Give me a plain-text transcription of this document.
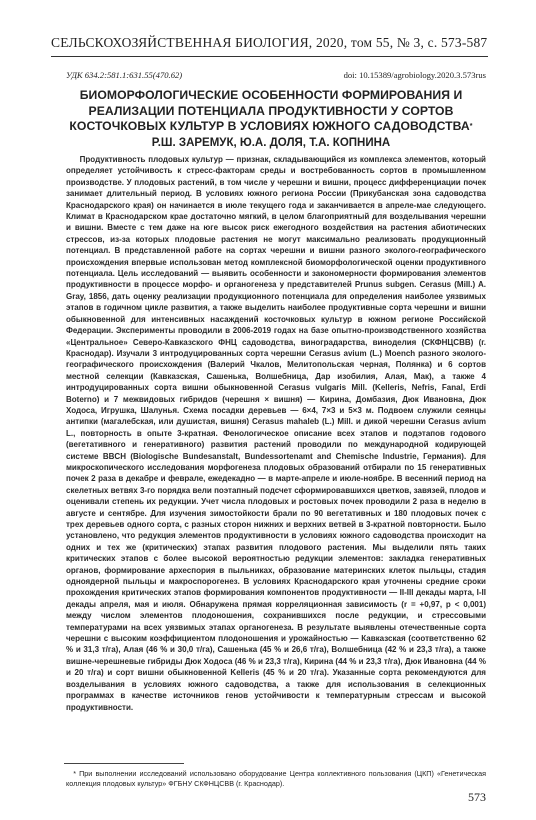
СЕЛЬСКОХОЗЯЙСТВЕННАЯ БИОЛОГИЯ, 2020, том 55, № 3, с. 573-587
УДК 634.2:581.1:631.55(470.62)	doi: 10.15389/agrobiology.2020.3.573rus
БИОМОРФОЛОГИЧЕСКИЕ ОСОБЕННОСТИ ФОРМИРОВАНИЯ И РЕАЛИЗАЦИИ ПОТЕНЦИАЛА ПРОДУКТИВНОСТИ У СОРТОВ КОСТОЧКОВЫХ КУЛЬТУР В УСЛОВИЯХ ЮЖНОГО САДОВОДСТВА*
Р.Ш. ЗАРЕМУК, Ю.А. ДОЛЯ, Т.А. КОПНИНА

Продуктивность плодовых культур — признак, складывающийся из комплекса элементов, который определяет устойчивость к стресс-факторам среды и востребованность сортов в промышленном производстве. У плодовых растений, в том числе у черешни и вишни, процесс дифференциации почек занимает длительный период. В условиях южного региона России (Прикубанская зона садоводства Краснодарского края) он начинается в июле текущего года и заканчивается в апреле-мае следующего. Климат в Краснодарском крае достаточно мягкий, в целом благоприятный для возделывания черешни и вишни. Вместе с тем даже на юге высок риск ежегодного воздействия на растения абиотических стрессов, из-за которых плодовые растения не могут максимально реализовать продукционный потенциал. В представленной работе на сортах черешни и вишни разного эколого-географического происхождения впервые использован метод комплексной биоморфологической оценки продуктивного потенциала. Цель исследований — выявить особенности и закономерности формирования элементов продуктивности в процессе морфо- и органогенеза у представителей Prunus subgen. Cerasus (Mill.) A. Gray, 1856, дать оценку реализации продукционного потенциала для определения наиболее уязвимых этапов в годичном цикле развития, а также выделить наиболее продуктивные сорта черешни и вишни обыкновенной для интенсивных насаждений косточковых культур в южном регионе Российской Федерации. Эксперименты проводили в 2006-2019 годах на базе опытно-производственного хозяйства «Центральное» Северо-Кавказского ФНЦ садоводства, виноградарства, виноделия (СКФНЦСВВ) (г. Краснодар). Изучали 3 интродуцированных сорта черешни Cerasus avium (L.) Moench разного эколого-географического происхождения (Валерий Чкалов, Мелитопольская черная, Полянка) и 6 сортов местной селекции (Кавказская, Сашенька, Волшебница, Дар изобилия, Алая, Мак), а также 4 интродуцированных сорта вишни обыкновенной Cerasus vulgaris Mill. (Kelleris, Nefris, Fanal, Erdi Boterno) и 7 межвидовых гибридов (черешня × вишня) — Кирина, Домбазия, Дюк Ивановна, Дюк Ходоса, Игрушка, Шалунья. Схема посадки деревьев — 6×4, 7×3 и 5×3 м. Подвоем служили сеянцы антипки (магалебская, или душистая, вишня) Cerasus mahaleb (L.) Mill. и дикой черешни Cerasus avium L., повторность в опыте 3-кратная. Фенологическое описание всех этапов и подэтапов годового (вегетативного и генеративного) развития растений проводили по международной кодирующей системе BBCH (Biologische Bundesanstalt, Bundessortenamt and Chemische Industrie, Германия). Для микроскопического исследования морфогенеза плодовых образований отбирали по 15 генеративных почек 2 раза в декабре и феврале, ежедекадно — в марте-апреле и июле-ноябре. В весенний период на скелетных ветвях 3-го порядка вели поэтапный подсчет сформировавшихся цветков, завязей, плодов и оценивали степень их редукции. Учет числа плодовых и ростовых почек проводили 2 раза в неделю в августе и сентябре. Для изучения зимостойкости брали по 90 вегетативных и 180 плодовых почек с трех деревьев одного сорта, с разных сторон нижних и верхних ветвей в 3-кратной повторности. Было установлено, что редукция элементов продуктивности в условиях южного садоводства происходит на одних и тех же (критических) этапах развития плодового растения. Мы выделили пять таких критических этапов с более высокой вероятностью редукции элементов: закладка генеративных органов, формирование археспория в пыльниках, образование материнских клеток пыльцы, стадия одноядерной пыльцы и макроспорогенез. В условиях Краснодарского края уточнены средние сроки прохождения критических этапов формирования компонентов продуктивности — II-III декады марта, I-II декады апреля, мая и июля. Обнаружена прямая корреляционная зависимость (r = +0,97, p < 0,001) между числом элементов плодоношения, сохранившихся после редукции, и стрессовыми температурами на всех уязвимых этапах органогенеза. В результате выявлены отечественные сорта черешни с высоким коэффициентом плодоношения и урожайностью — Кавказская (соответственно 62 % и 31,3 т/га), Алая (46 % и 30,0 т/га), Сашенька (45 % и 26,6 т/га), Волшебница (42 % и 23,3 т/га), а также вишне-черешневые гибриды Дюк Ходоса (46 % и 23,3 т/га), Кирина (44 % и 23,3 т/га), Дюк Ивановна (44 % и 20 т/га) и сорт вишни обыкновенной Kelleris (45 % и 20 т/га). Указанные сорта рекомендуются для возделывания в условиях южного садоводства, а также для использования в селекционных программах в качестве источников генов устойчивости к температурным стрессам и высокой продуктивности.

* При выполнении исследований использовано оборудование Центра коллективного пользования (ЦКП) «Генетическая коллекция плодовых культур» ФГБНУ СКФНЦСВВ (г. Краснодар).

573
